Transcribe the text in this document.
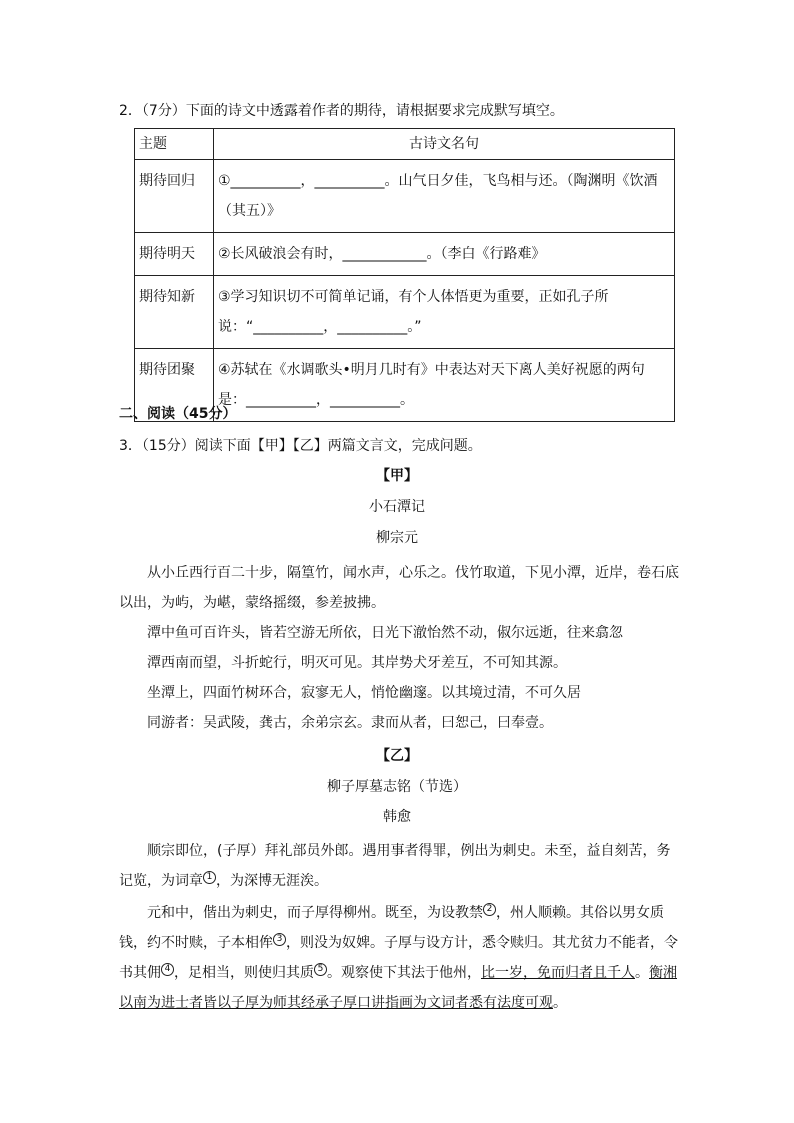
2．（7分）下面的诗文中透露着作者的期待，请根据要求完成默写填空。
主题	古诗文名句
期待回归	①__________，__________。山气日夕佳，飞鸟相与还。（陶渊明《饮酒（其五）》
期待明天	②长风破浪会有时，____________。（李白《行路难》
期待知新	③学习知识切不可简单记诵，有个人体悟更为重要，正如孔子所说：“__________，__________。”
期待团聚	④苏轼在《水调歌头•明月几时有》中表达对天下离人美好祝愿的两句是：__________，__________。
二、阅读（45分）
3．（15分）阅读下面【甲】【乙】两篇文言文，完成问题。
【甲】
小石潭记
柳宗元
从小丘西行百二十步，隔篁竹，闻水声，心乐之。伐竹取道，下见小潭，近岸，卷石底以出，为屿，为嵁，蒙络摇缀，参差披拂。
潭中鱼可百许头，皆若空游无所依，日光下澈怡然不动，俶尔远逝，往来翕忽
潭西南而望，斗折蛇行，明灭可见。其岸势犬牙差互，不可知其源。
坐潭上，四面竹树环合，寂寥无人，悄怆幽邃。以其境过清，不可久居
同游者：吴武陵，龚古，余弟宗玄。隶而从者，曰恕己，曰奉壹。
【乙】
柳子厚墓志铭（节选）
韩愈
顺宗即位，(子厚）拜礼部员外郎。遇用事者得罪，例出为刺史。未至，益自刻苦，务记览，为词章 $^1$ ，为深博无涯涘。
元和中，偕出为刺史，而子厚得柳州。既至，为设教禁 $^2$ ，州人顺赖。其俗以男女质钱，约不时赎，子本相侔 $^3$ ，则没为奴婢。子厚与设方计，悉令赎归。其尤贫力不能者，令书其佣 $^4$ ，足相当，则使归其质 $^5$ 。观察使下其法于他州，比一岁，免而归者且千人。衡湘以南为进士者皆以子厚为师其经承子厚口讲指画为文词者悉有法度可观。
